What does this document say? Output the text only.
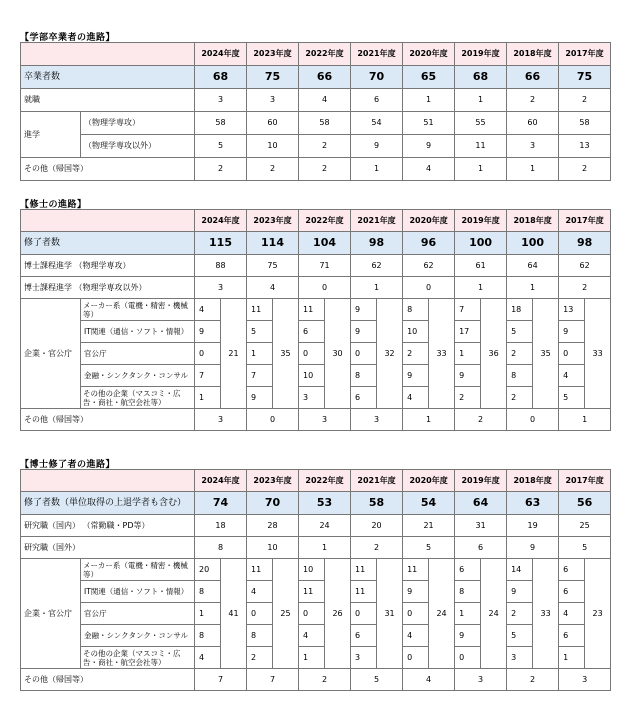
【学部卒業者の進路】
		2024年度	2023年度	2022年度	2021年度	2020年度	2019年度	2018年度	2017年度
卒業者数		68	75	66	70	65	68	66	75
就職		3	3	4	6	1	1	2	2
進学	（物理学専攻）	58	60	58	54	51	55	60	58
	（物理学専攻以外）	5	10	2	9	9	11	3	13
その他（帰国等）		2	2	2	1	4	1	1	2
【修士の進路】
		2024年度		2023年度		2022年度		2021年度		2020年度		2019年度		2018年度		2017年度	
修了者数		115		114		104		98		96		100		100		98	
博士課程進学 （物理学専攻）		88		75		71		62		62		61		64		62	
博士課程進学 （物理学専攻以外）		3		4		0		1		0		1		1		2	
企業・官公庁	メーカー系（電機・精密・機械等）	4	21	11	35	11	30	9	32	8	33	7	36	18	35	13	33
	IT関連（通信・ソフト・情報）	9		5		6		9		10		17		5		9	
	官公庁	0		1		0		0		2		1		2		0	
	金融・シンクタンク・コンサル	7		7		10		8		9		9		8		4	
	その他の企業（マスコミ・広告・商社・航空会社等）	1		9		3		6		4		2		2		5	
その他（帰国等）		3		0		3		3		1		2		0		1	
【博士修了者の進路】
		2024年度		2023年度		2022年度		2021年度		2020年度		2019年度		2018年度		2017年度	
修了者数（単位取得の上退学者も含む）		74		70		53		58		54		64		63		56	
研究職（国内） （常勤職・PD等）		18		28		24		20		21		31		19		25	
研究職（国外）		8		10		1		2		5		6		9		5	
企業・官公庁	メーカー系（電機・精密・機械等）	20	41	11	25	10	26	11	31	11	24	6	24	14	33	6	23
	IT関連（通信・ソフト・情報）	8		4		11		11		9		8		9		6	
	官公庁	1		0		0		0		0		1		2		4	
	金融・シンクタンク・コンサル	8		8		4		6		4		9		5		6	
	その他の企業（マスコミ・広告・商社・航空会社等）	4		2		1		3		0		0		3		1	
その他（帰国等）		7		7		2		5		4		3		2		3	
